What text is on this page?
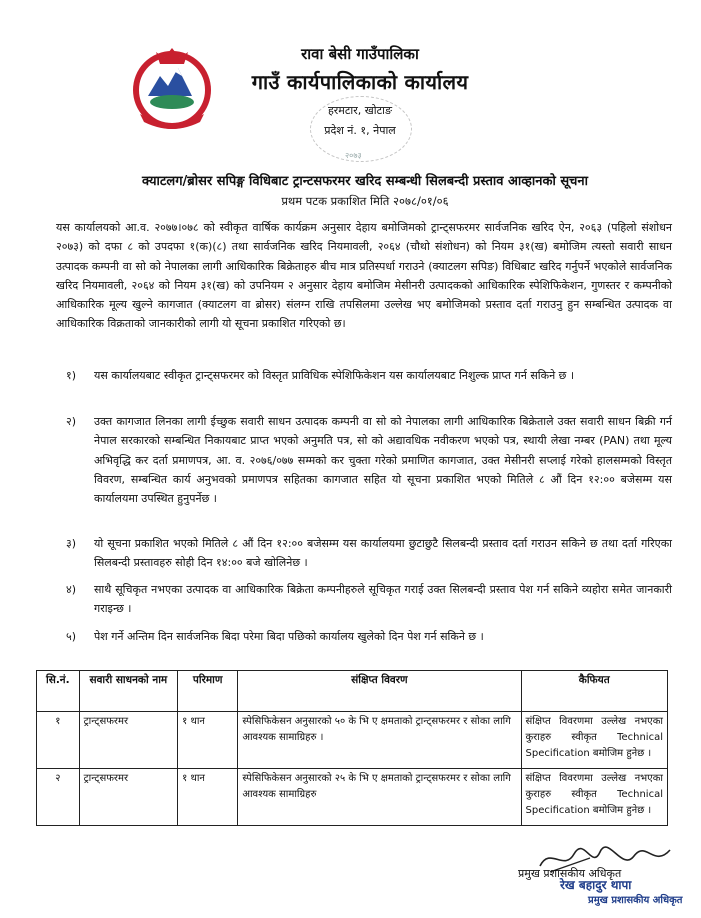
रावा बेसी गाउँपालिका
गाउँ कार्यपालिकाको कार्यालय
हरमटार, खोटाङ
प्रदेश नं. १, नेपाल
२०७३
क्याटलग/ब्रोसर सपिङ्ग विधिबाट ट्रान्टसफरमर खरिद सम्बन्धी सिलबन्दी प्रस्ताव आव्हानको सूचना
प्रथम पटक प्रकाशित मिति २०७८/०१/०६

यस कार्यालयको आ.व. २०७७।०७८ को स्वीकृत वार्षिक कार्यक्रम अनुसार देहाय बमोजिमको ट्रान्ट्सफरमर सार्वजनिक खरिद ऐन, २०६३ (पहिलो संशोधन २०७३) को दफा ८ को उपदफा १(क)(८) तथा सार्वजनिक खरिद नियमावली, २०६४ (चौथो संशोधन) को नियम ३१(ख) बमोजिम त्यस्तो सवारी साधन उत्पादक कम्पनी वा सो को नेपालका लागी आधिकारिक बिक्रेताहरु बीच मात्र प्रतिस्पर्धा गराउने (क्याटलग सपिङ) विधिबाट खरिद गर्नुपर्ने भएकोले सार्वजनिक खरिद नियमावली, २०६४ को नियम ३१(ख) को उपनियम २ अनुसार देहाय बमोजिम मेसीनरी उत्पादकको आधिकारिक स्पेशिफिकेशन, गुणस्तर र कम्पनीको आधिकारिक मूल्य खुल्ने कागजात (क्याटलग वा ब्रोसर) संलग्न राखि तपसिलमा उल्लेख भए बमोजिमको प्रस्ताव दर्ता गराउनु हुन सम्बन्धित उत्पादक वा आधिकारिक विक्रताको जानकारीको लागी यो सूचना प्रकाशित गरिएको छ।

१)	यस कार्यालयबाट स्वीकृत ट्रान्ट्सफरमर को विस्तृत प्राविधिक स्पेशिफिकेशन यस कार्यालयबाट निशुल्क प्राप्त गर्न सकिने छ ।
२)	उक्त कागजात लिनका लागी ईच्छुक सवारी साधन उत्पादक कम्पनी वा सो को नेपालका लागी आधिकारिक बिक्रेताले उक्त सवारी साधन बिक्री गर्न नेपाल सरकारको सम्बन्धित निकायबाट प्राप्त भएको अनुमति पत्र, सो को अद्यावधिक नवीकरण भएको पत्र, स्थायी लेखा नम्बर (PAN) तथा मूल्य अभिवृद्धि कर दर्ता प्रमाणपत्र, आ. व. २०७६/०७७ सम्मको कर चुक्ता गरेको प्रमाणित कागजात, उक्त मेसीनरी सप्लाई गरेको हालसम्मको विस्तृत विवरण, सम्बन्धित कार्य अनुभवको प्रमाणपत्र सहितका कागजात सहित यो सूचना प्रकाशित भएको मितिले ८ औं दिन १२:०० बजेसम्म यस कार्यालयमा उपस्थित हुनुपर्नेछ ।
३)	यो सूचना प्रकाशित भएको मितिले ८ औं दिन १२:०० बजेसम्म यस कार्यालयमा छुटाछुटै सिलबन्दी प्रस्ताव दर्ता गराउन सकिने छ तथा दर्ता गरिएका सिलबन्दी प्रस्तावहरु सोही दिन १४:०० बजे खोलिनेछ ।
४)	साथै सूचिकृत नभएका उत्पादक वा आधिकारिक बिक्रेता कम्पनीहरुले सूचिकृत गराई उक्त सिलबन्दी प्रस्ताव पेश गर्न सकिने व्यहोरा समेत जानकारी गराइन्छ ।
५)	पेश गर्ने अन्तिम दिन सार्वजनिक बिदा परेमा बिदा पछिको कार्यालय खुलेको दिन पेश गर्न सकिने छ ।
सि.नं.	सवारी साधनको नाम	परिमाण	संक्षिप्त विवरण	कैफियत
१	ट्रान्ट्सफरमर	१ थान	स्पेसिफिकेसन अनुसारको ५० के भि ए क्षमताको ट्रान्ट्सफरमर र सोका लागि आवश्यक सामाग्रिहरु ।	संक्षिप्त विवरणमा उल्लेख नभएका कुराहरु स्वीकृत Technical Specification बमोजिम हुनेछ ।
२	ट्रान्ट्सफरमर	१ थान	स्पेसिफिकेसन अनुसारको २५ के भि ए क्षमताको ट्रान्ट्सफरमर र सोका लागि आवश्यक सामाग्रिहरु	संक्षिप्त विवरणमा उल्लेख नभएका कुराहरु स्वीकृत Technical Specification बमोजिम हुनेछ ।
प्रमुख प्रशासकीय अधिकृत
रेख बहादुर थापा
प्रमुख प्रशासकीय अधिकृत
